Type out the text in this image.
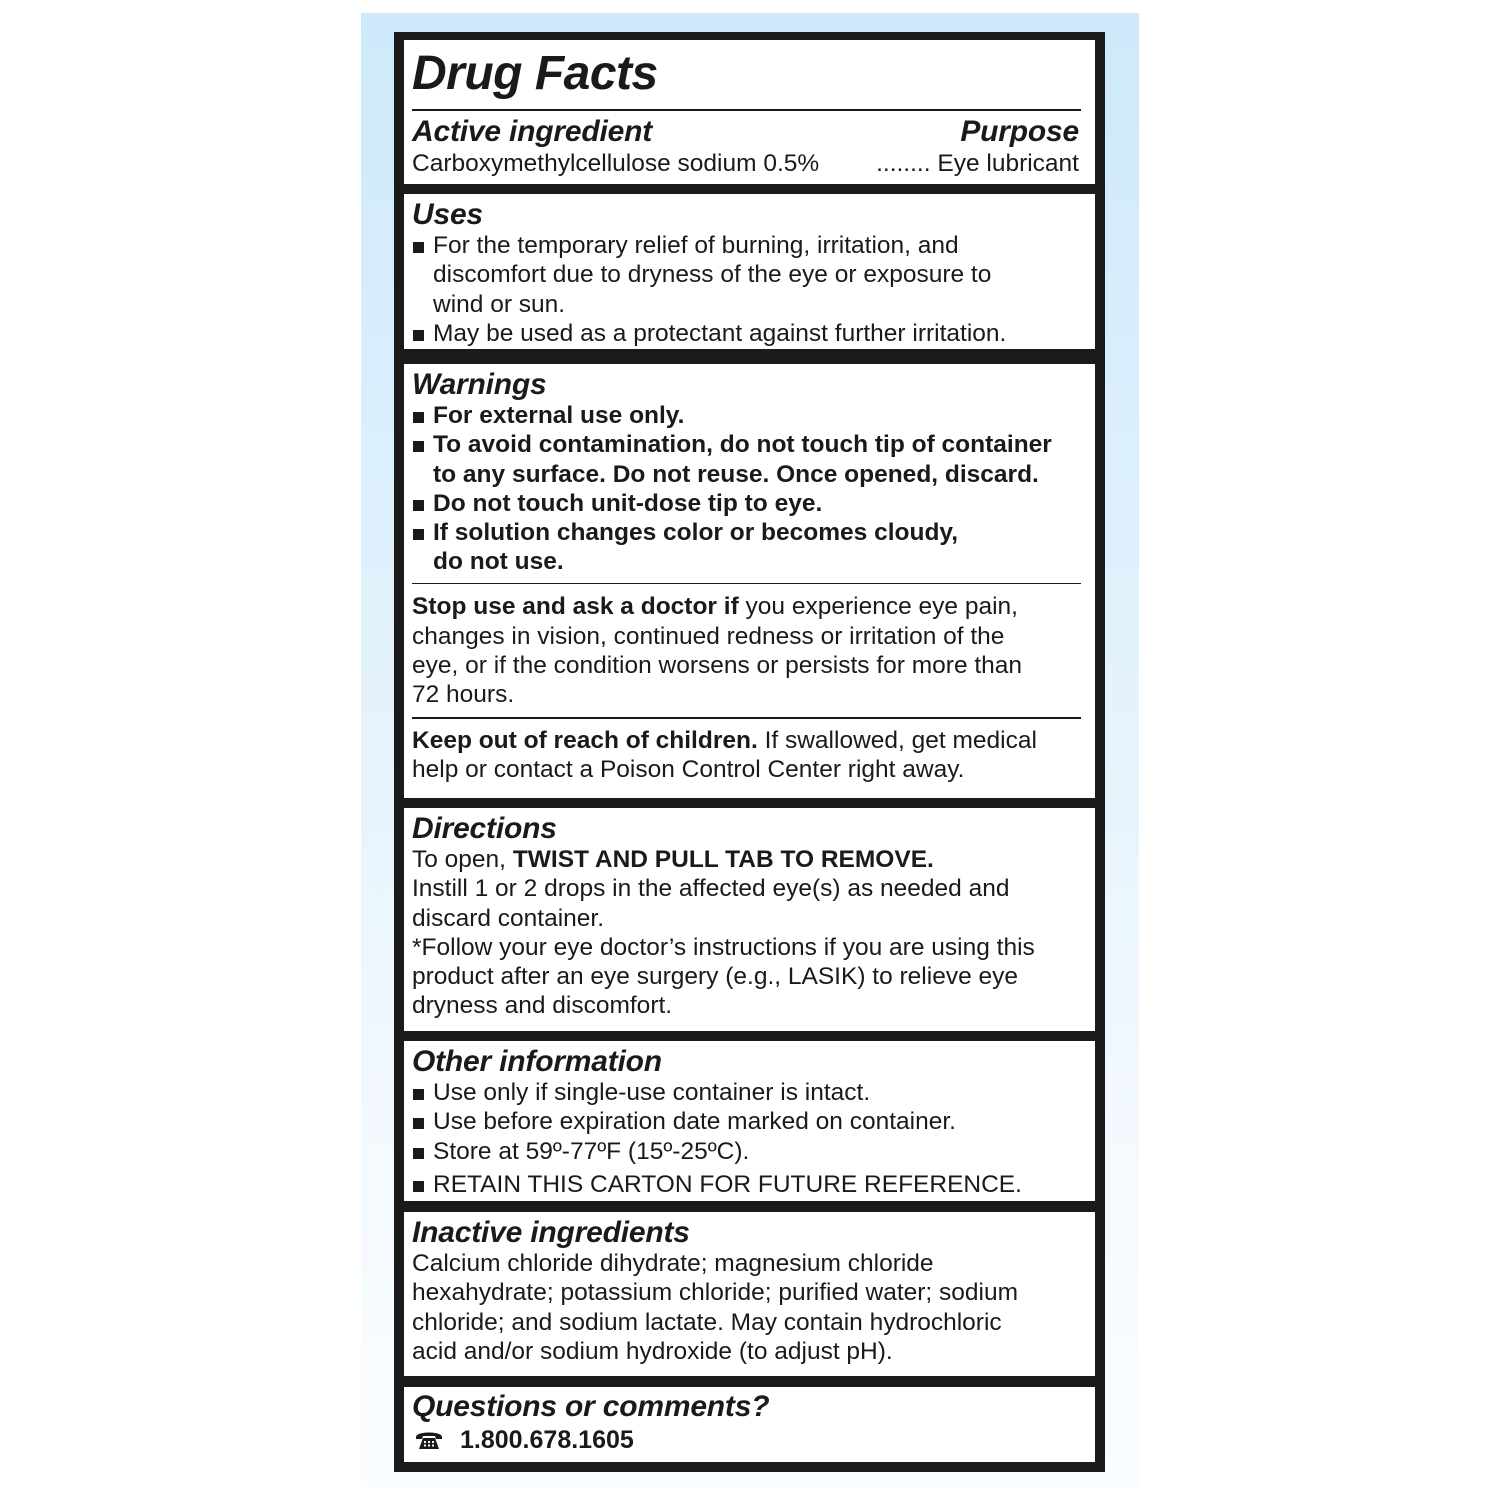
Drug Facts
Active ingredient	Purpose
Carboxymethylcellulose sodium 0.5% ........ Eye lubricant
Uses
For the temporary relief of burning, irritation, and
discomfort due to dryness of the eye or exposure to
wind or sun.
May be used as a protectant against further irritation.
Warnings
For external use only.
To avoid contamination, do not touch tip of container
to any surface. Do not reuse. Once opened, discard.
Do not touch unit-dose tip to eye.
If solution changes color or becomes cloudy,
do not use.
Stop use and ask a doctor if you experience eye pain,
changes in vision, continued redness or irritation of the
eye, or if the condition worsens or persists for more than
72 hours.
Keep out of reach of children. If swallowed, get medical
help or contact a Poison Control Center right away.
Directions
To open, TWIST AND PULL TAB TO REMOVE.
Instill 1 or 2 drops in the affected eye(s) as needed and
discard container.
*Follow your eye doctor’s instructions if you are using this
product after an eye surgery (e.g., LASIK) to relieve eye
dryness and discomfort.
Other information
Use only if single-use container is intact.
Use before expiration date marked on container.
Store at 59º-77ºF (15º-25ºC).
RETAIN THIS CARTON FOR FUTURE REFERENCE.
Inactive ingredients
Calcium chloride dihydrate; magnesium chloride
hexahydrate; potassium chloride; purified water; sodium
chloride; and sodium lactate. May contain hydrochloric
acid and/or sodium hydroxide (to adjust pH).
Questions or comments?
1.800.678.1605
